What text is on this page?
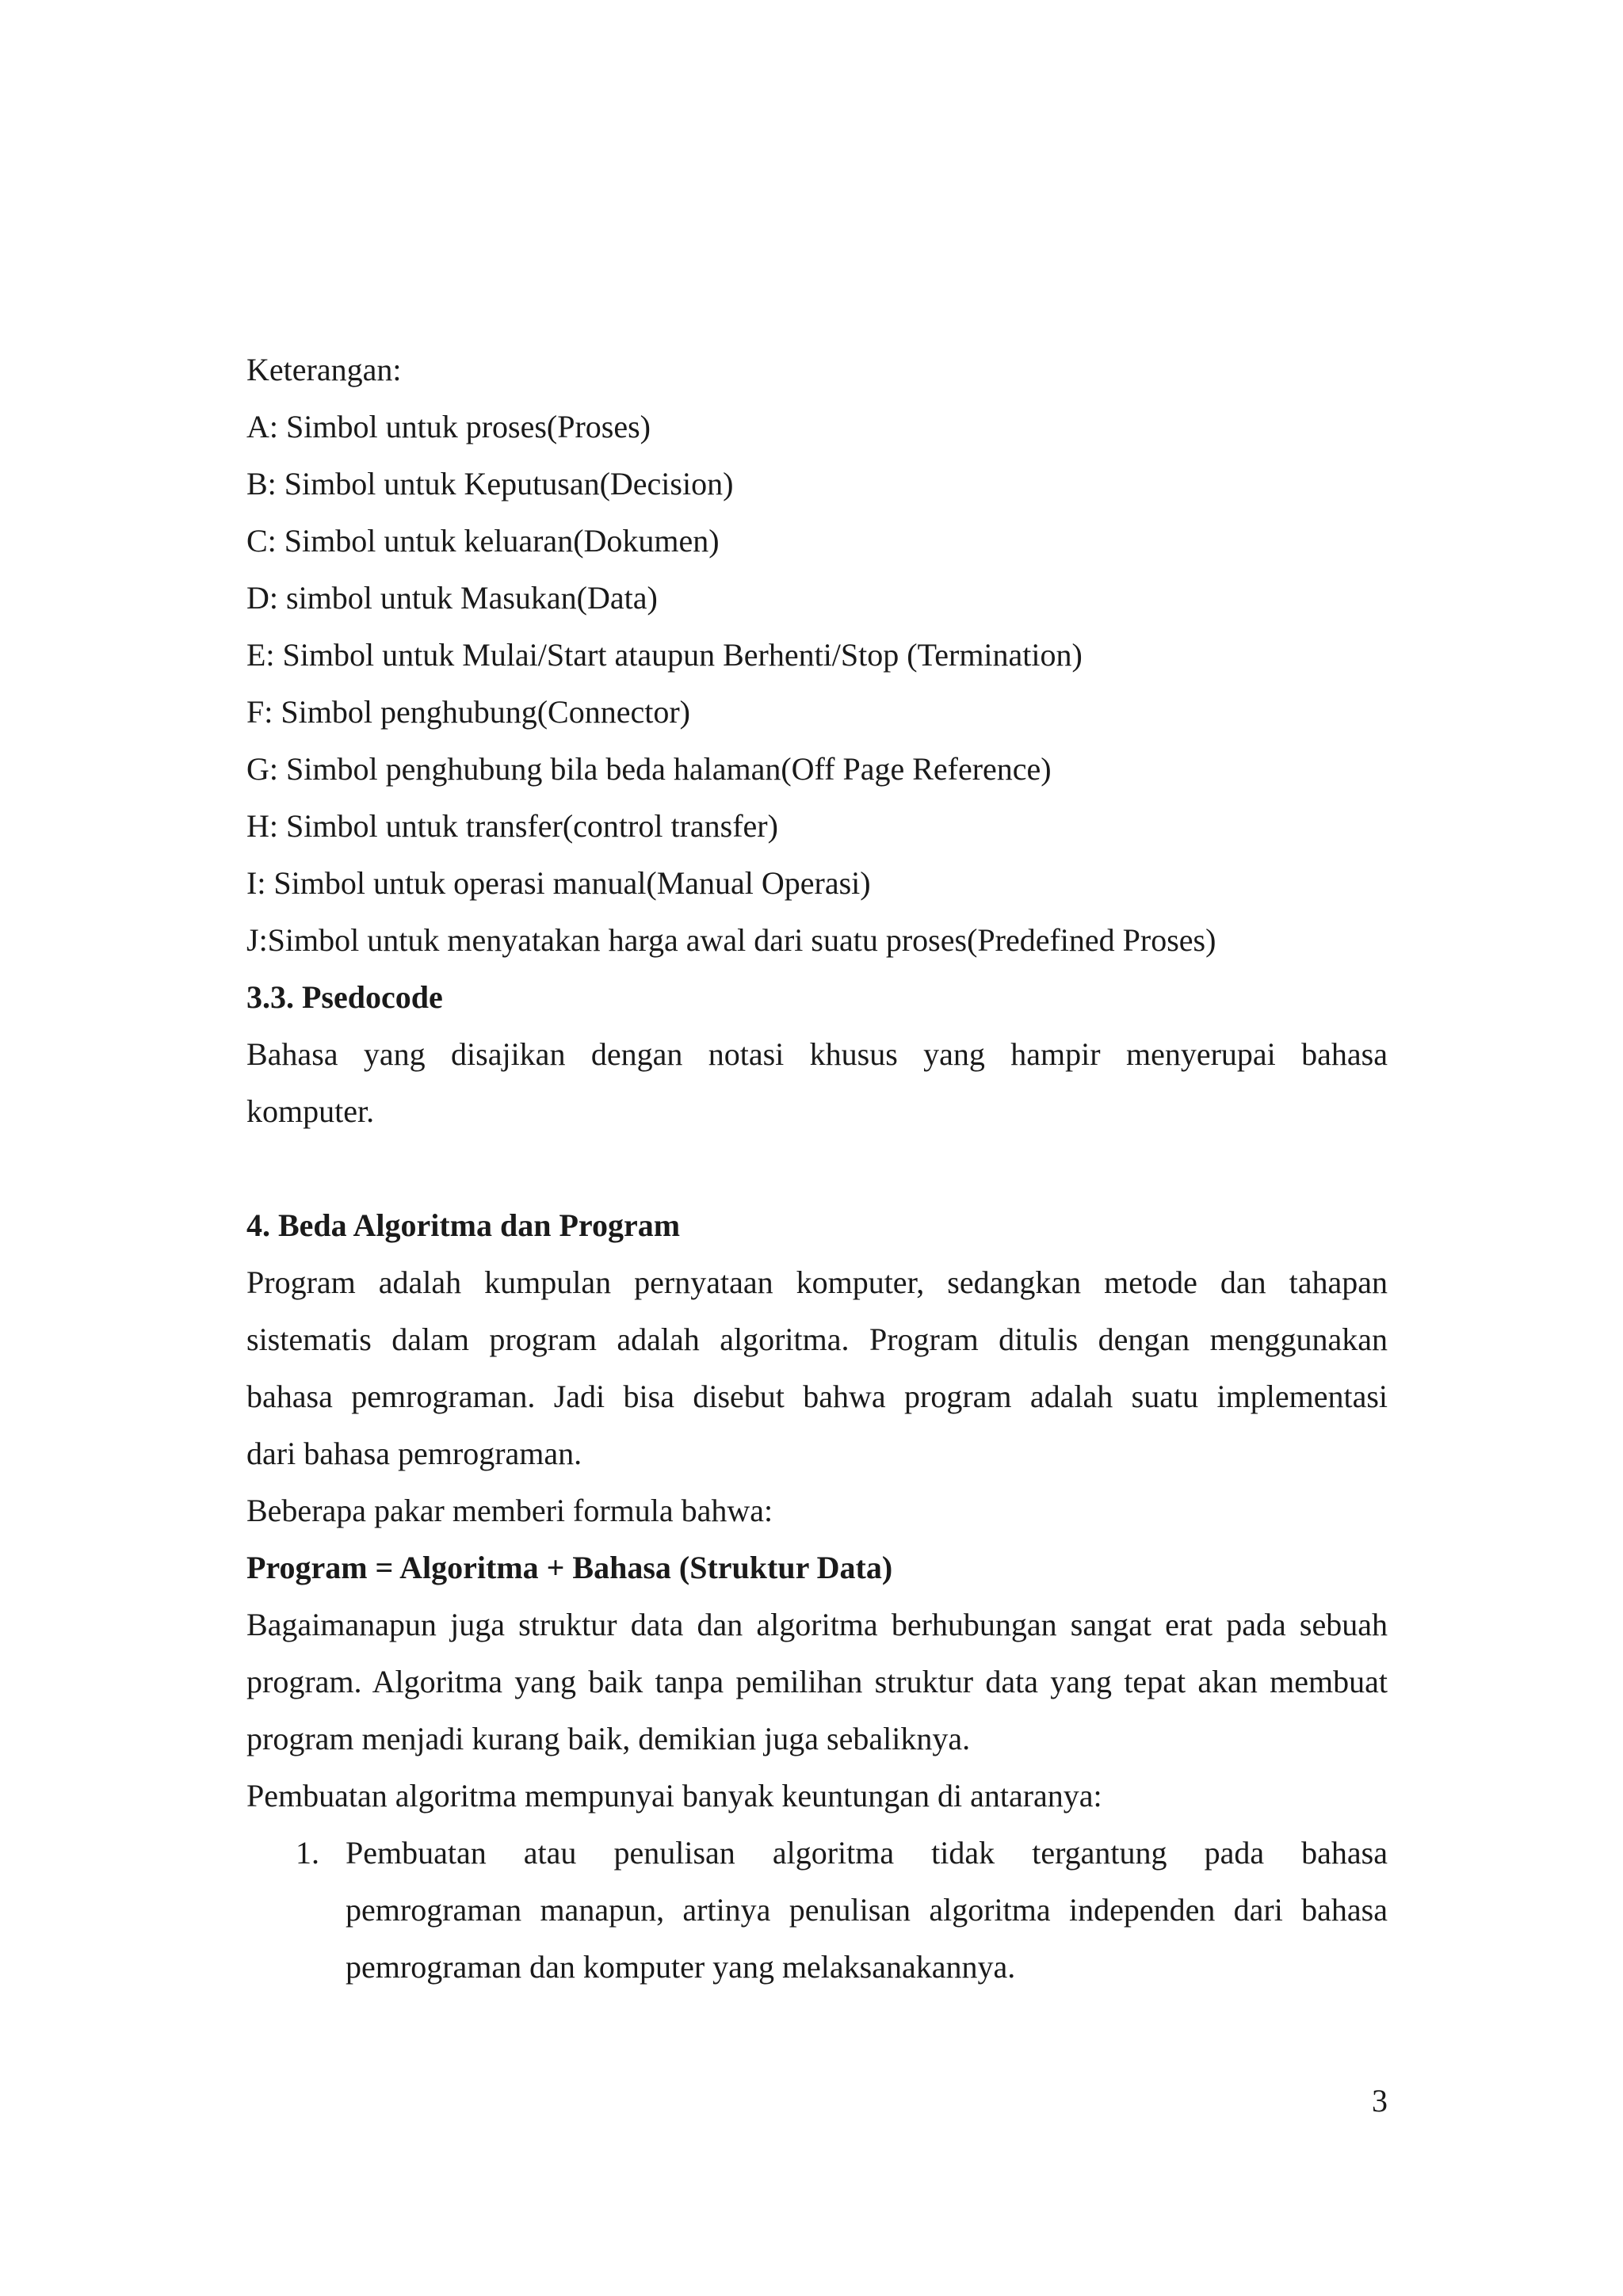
Keterangan:
A: Simbol untuk proses(Proses)
B: Simbol untuk Keputusan(Decision)
C: Simbol untuk keluaran(Dokumen)
D: simbol untuk Masukan(Data)
E: Simbol untuk Mulai/Start ataupun Berhenti/Stop (Termination)
F: Simbol penghubung(Connector)
G: Simbol penghubung bila beda halaman(Off Page Reference)
H: Simbol untuk transfer(control transfer)
I: Simbol untuk operasi manual(Manual Operasi)
J:Simbol untuk menyatakan harga awal dari suatu proses(Predefined Proses)
3.3. Psedocode
Bahasa yang disajikan dengan notasi khusus yang hampir menyerupai bahasa
komputer.
4. Beda Algoritma dan Program
Program adalah kumpulan pernyataan komputer, sedangkan metode dan tahapan
sistematis dalam program adalah algoritma. Program ditulis dengan menggunakan
bahasa pemrograman. Jadi bisa disebut bahwa program adalah suatu implementasi
dari bahasa pemrograman.
Beberapa pakar memberi formula bahwa:
Program = Algoritma + Bahasa (Struktur Data)
Bagaimanapun juga struktur data dan algoritma berhubungan sangat erat pada sebuah
program. Algoritma yang baik tanpa pemilihan struktur data yang tepat akan membuat
program menjadi kurang baik, demikian juga sebaliknya.
Pembuatan algoritma mempunyai banyak keuntungan di antaranya:
1. Pembuatan atau penulisan algoritma tidak tergantung pada bahasa
pemrograman manapun, artinya penulisan algoritma independen dari bahasa
pemrograman dan komputer yang melaksanakannya.
3
